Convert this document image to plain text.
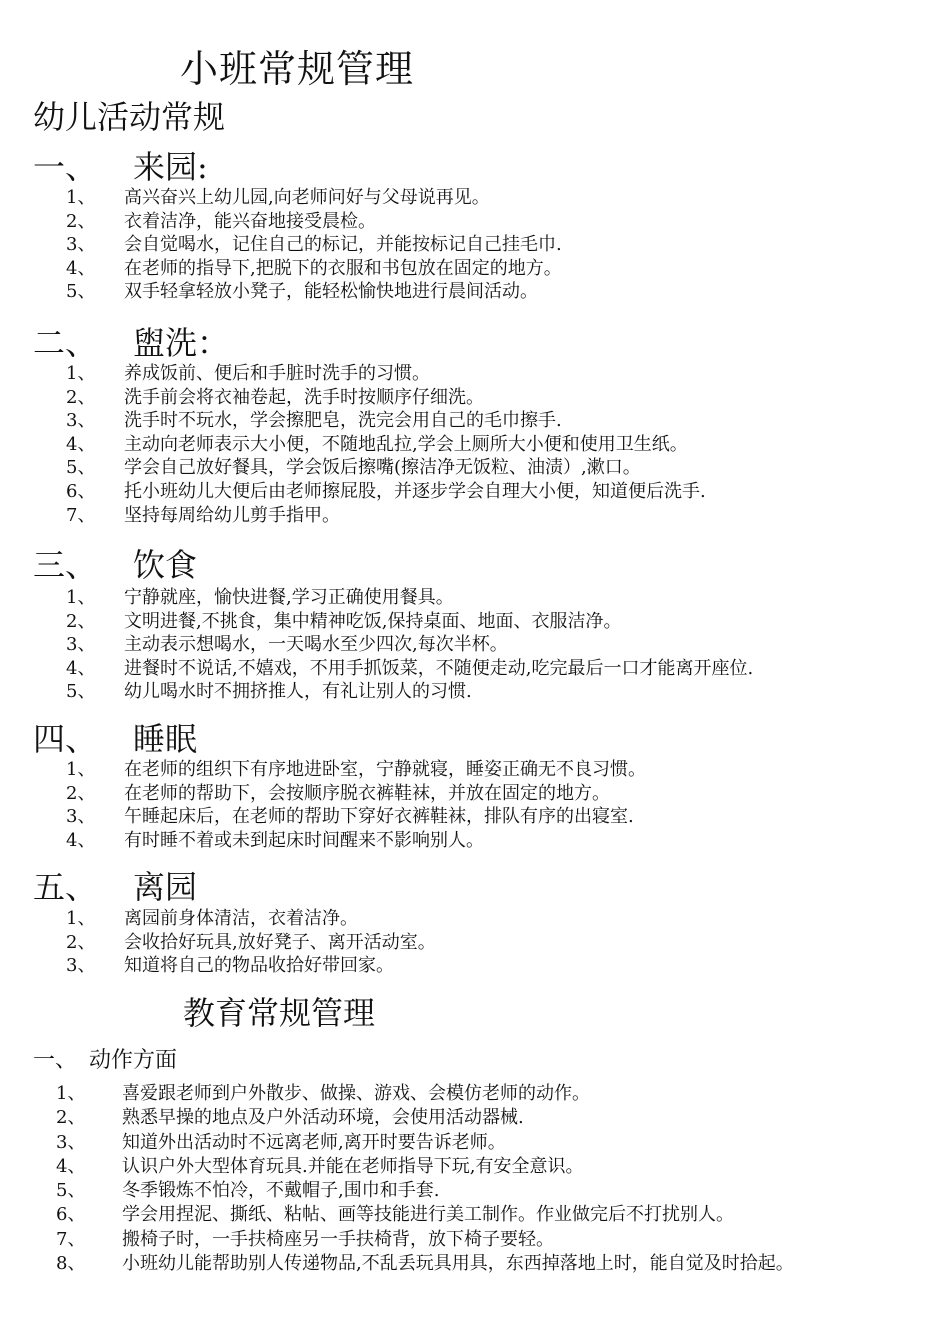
小班常规管理
幼儿活动常规
一、 来园:
1、 高兴奋兴上幼儿园,向老师问好与父母说再见。
2、 衣着洁净，能兴奋地接受晨检。
3、 会自觉喝水，记住自己的标记，并能按标记自己挂毛巾.
4、 在老师的指导下,把脱下的衣服和书包放在固定的地方。
5、 双手轻拿轻放小凳子，能轻松愉快地进行晨间活动。
二、 盥洗：
1、 养成饭前、便后和手脏时洗手的习惯。
2、 洗手前会将衣袖卷起，洗手时按顺序仔细洗。
3、 洗手时不玩水，学会擦肥皂，洗完会用自己的毛巾擦手.
4、 主动向老师表示大小便，不随地乱拉,学会上厕所大小便和使用卫生纸。
5、 学会自己放好餐具，学会饭后擦嘴(擦洁净无饭粒、油渍）,漱口。
6、 托小班幼儿大便后由老师擦屁股，并逐步学会自理大小便，知道便后洗手.
7、 坚持每周给幼儿剪手指甲。
三、 饮食
1、 宁静就座，愉快进餐,学习正确使用餐具。
2、 文明进餐,不挑食，集中精神吃饭,保持桌面、地面、衣服洁净。
3、 主动表示想喝水，一天喝水至少四次,每次半杯。
4、 进餐时不说话,不嬉戏，不用手抓饭菜，不随便走动,吃完最后一口才能离开座位.
5、 幼儿喝水时不拥挤推人，有礼让别人的习惯.
四、 睡眠
1、 在老师的组织下有序地进卧室，宁静就寝，睡姿正确无不良习惯。
2、 在老师的帮助下，会按顺序脱衣裤鞋袜，并放在固定的地方。
3、 午睡起床后，在老师的帮助下穿好衣裤鞋袜，排队有序的出寝室.
4、 有时睡不着或未到起床时间醒来不影响别人。
五、 离园
1、 离园前身体清洁，衣着洁净。
2、 会收拾好玩具,放好凳子、离开活动室。
3、 知道将自己的物品收拾好带回家。
教育常规管理
一、 动作方面
1、 喜爱跟老师到户外散步、做操、游戏、会模仿老师的动作。
2、 熟悉早操的地点及户外活动环境，会使用活动器械.
3、 知道外出活动时不远离老师,离开时要告诉老师。
4、 认识户外大型体育玩具.并能在老师指导下玩,有安全意识。
5、 冬季锻炼不怕冷，不戴帽子,围巾和手套.
6、 学会用捏泥、撕纸、粘帖、画等技能进行美工制作。作业做完后不打扰别人。
7、 搬椅子时，一手扶椅座另一手扶椅背，放下椅子要轻。
8、 小班幼儿能帮助别人传递物品,不乱丢玩具用具，东西掉落地上时，能自觉及时拾起。
